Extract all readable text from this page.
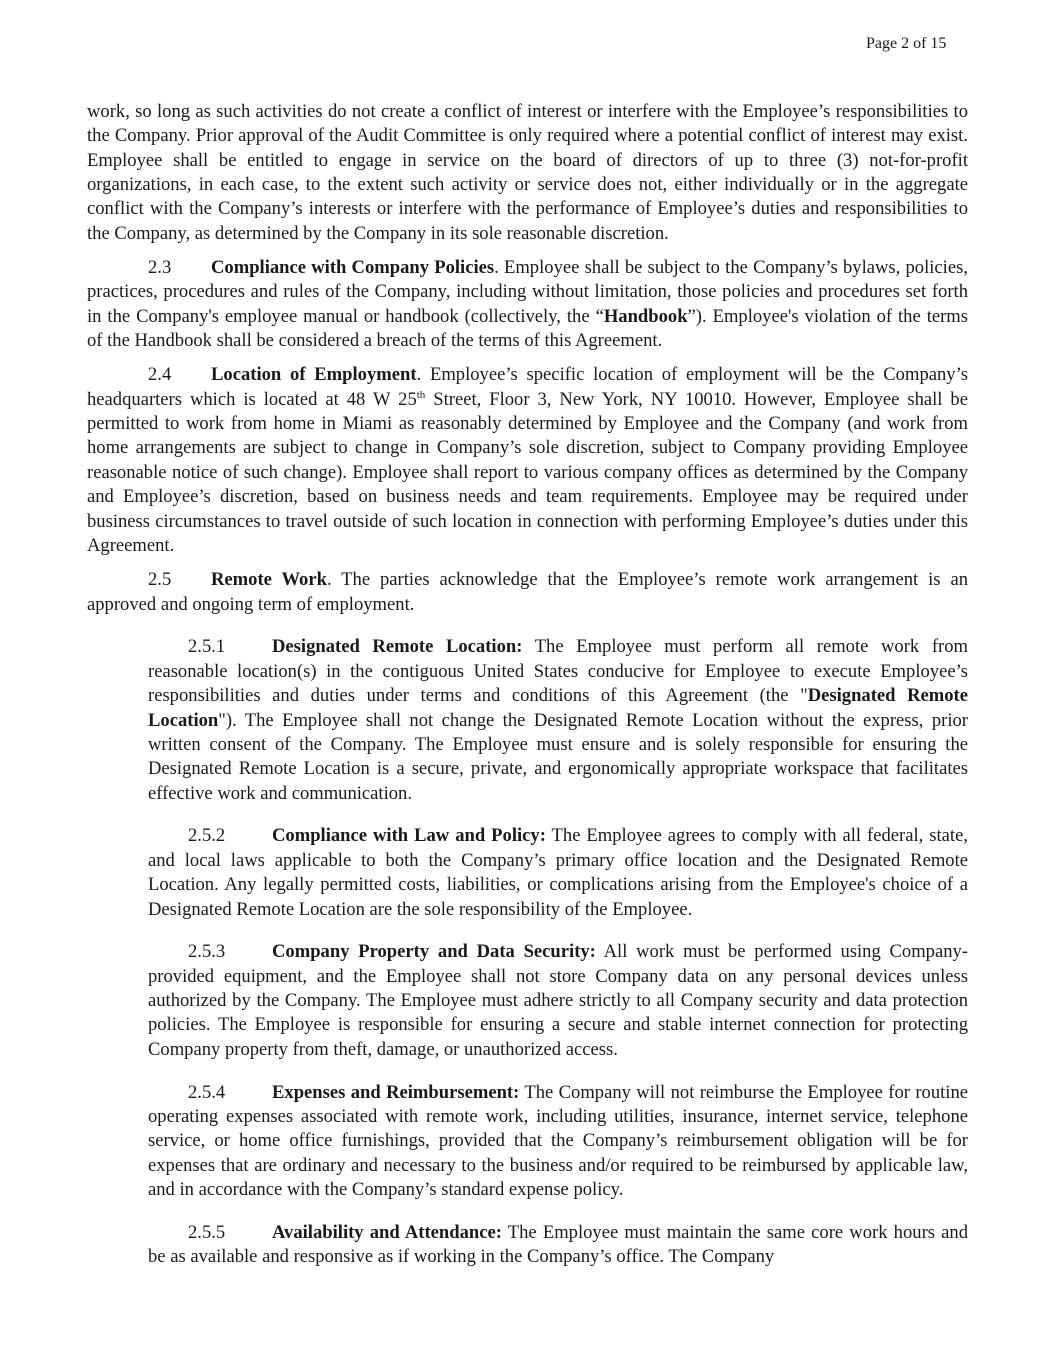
Page 2 of 15

work, so long as such activities do not create a conflict of interest or interfere with the Employee’s responsibilities to the Company. Prior approval of the Audit Committee is only required where a potential conflict of interest may exist. Employee shall be entitled to engage in service on the board of directors of up to three (3) not-for-profit organizations, in each case, to the extent such activity or service does not, either individually or in the aggregate conflict with the Company’s interests or interfere with the performance of Employee’s duties and responsibilities to the Company, as determined by the Company in its sole reasonable discretion.

2.3 Compliance with Company Policies. Employee shall be subject to the Company’s bylaws, policies, practices, procedures and rules of the Company, including without limitation, those policies and procedures set forth in the Company's employee manual or handbook (collectively, the “Handbook”). Employee's violation of the terms of the Handbook shall be considered a breach of the terms of this Agreement.

2.4 Location of Employment. Employee’s specific location of employment will be the Company’s headquarters which is located at 48 W 25th Street, Floor 3, New York, NY 10010. However, Employee shall be permitted to work from home in Miami as reasonably determined by Employee and the Company (and work from home arrangements are subject to change in Company’s sole discretion, subject to Company providing Employee reasonable notice of such change). Employee shall report to various company offices as determined by the Company and Employee’s discretion, based on business needs and team requirements. Employee may be required under business circumstances to travel outside of such location in connection with performing Employee’s duties under this Agreement.

2.5 Remote Work. The parties acknowledge that the Employee’s remote work arrangement is an approved and ongoing term of employment.

2.5.1	Designated Remote Location: The Employee must perform all remote work from reasonable location(s) in the contiguous United States conducive for Employee to execute Employee’s responsibilities and duties under terms and conditions of this Agreement (the "Designated Remote Location"). The Employee shall not change the Designated Remote Location without the express, prior written consent of the Company. The Employee must ensure and is solely responsible for ensuring the Designated Remote Location is a secure, private, and ergonomically appropriate workspace that facilitates effective work and communication.

2.5.2	Compliance with Law and Policy: The Employee agrees to comply with all federal, state, and local laws applicable to both the Company’s primary office location and the Designated Remote Location. Any legally permitted costs, liabilities, or complications arising from the Employee's choice of a Designated Remote Location are the sole responsibility of the Employee.

2.5.3	Company Property and Data Security: All work must be performed using Company-provided equipment, and the Employee shall not store Company data on any personal devices unless authorized by the Company. The Employee must adhere strictly to all Company security and data protection policies. The Employee is responsible for ensuring a secure and stable internet connection for protecting Company property from theft, damage, or unauthorized access.

2.5.4	Expenses and Reimbursement: The Company will not reimburse the Employee for routine operating expenses associated with remote work, including utilities, insurance, internet service, telephone service, or home office furnishings, provided that the Company’s reimbursement obligation will be for expenses that are ordinary and necessary to the business and/or required to be reimbursed by applicable law, and in accordance with the Company’s standard expense policy.

2.5.5	Availability and Attendance: The Employee must maintain the same core work hours and be as available and responsive as if working in the Company’s office. The Company
